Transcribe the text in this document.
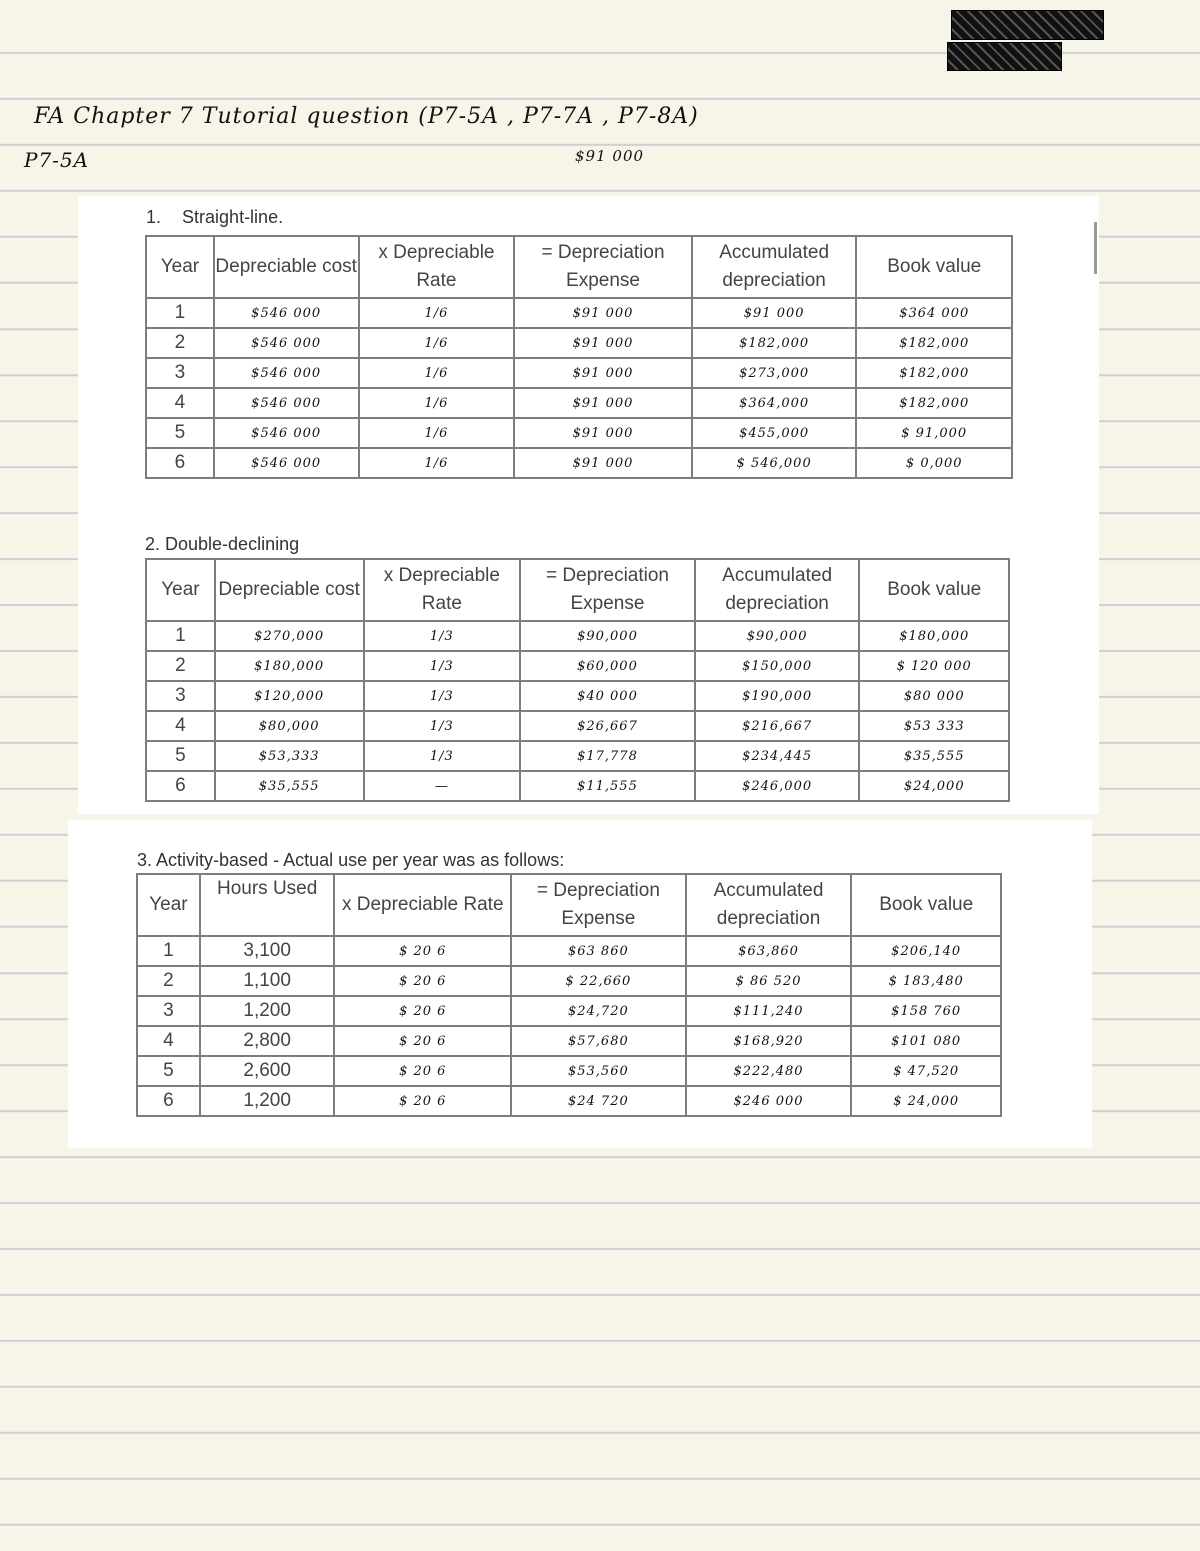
FA Chapter 7 Tutorial question (P7-5A , P7-7A , P7-8A)
P7-5A	$91 000
1. Straight-line.
Year	Depreciable cost	x Depreciable Rate	= Depreciation Expense	Accumulated depreciation	Book value
1	$546 000	1/6	$91 000	$91 000	$364 000
2	$546 000	1/6	$91 000	$182,000	$182,000
3	$546 000	1/6	$91 000	$273,000	$182,000
4	$546 000	1/6	$91 000	$364,000	$182,000
5	$546 000	1/6	$91 000	$455,000	$ 91,000
6	$546 000	1/6	$91 000	$ 546,000	$ 0,000
2. Double-declining
Year	Depreciable cost	x Depreciable Rate	= Depreciation Expense	Accumulated depreciation	Book value
1	$270,000	1/3	$90,000	$90,000	$180,000
2	$180,000	1/3	$60,000	$150,000	$ 120 000
3	$120,000	1/3	$40 000	$190,000	$80 000
4	$80,000	1/3	$26,667	$216,667	$53 333
5	$53,333	1/3	$17,778	$234,445	$35,555
6	$35,555	—	$11,555	$246,000	$24,000
3. Activity-based - Actual use per year was as follows:
Year	Hours Used	x Depreciable Rate	= Depreciation Expense	Accumulated depreciation	Book value
1	3,100	$ 20 6	$63 860	$63,860	$206,140
2	1,100	$ 20 6	$ 22,660	$ 86 520	$ 183,480
3	1,200	$ 20 6	$24,720	$111,240	$158 760
4	2,800	$ 20 6	$57,680	$168,920	$101 080
5	2,600	$ 20 6	$53,560	$222,480	$ 47,520
6	1,200	$ 20 6	$24 720	$246 000	$ 24,000
